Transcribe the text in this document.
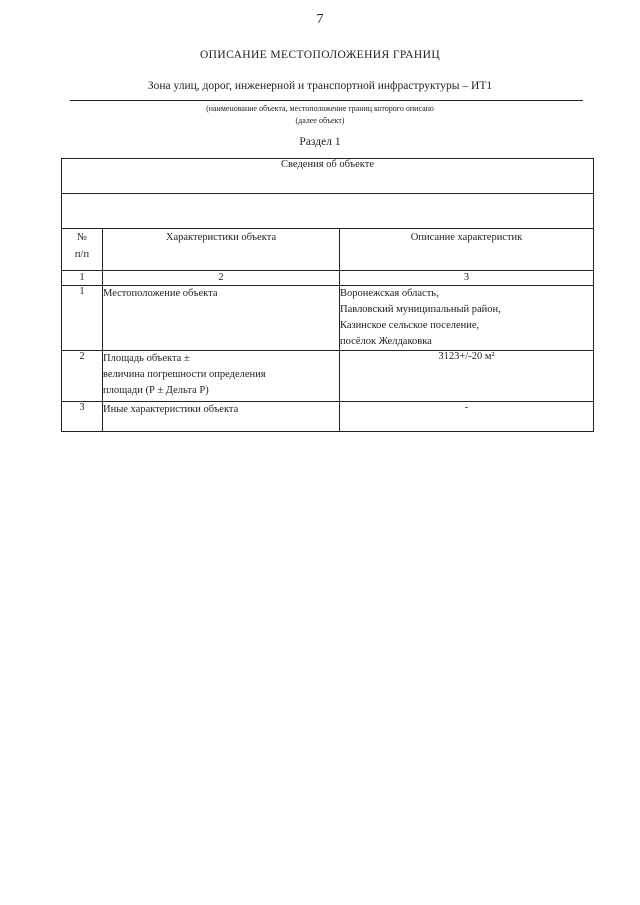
7
ОПИСАНИЕ МЕСТОПОЛОЖЕНИЯ ГРАНИЦ
Зона улиц, дорог, инженерной и транспортной инфраструктуры – ИТ1
(наименование объекта, местоположение границ которого описано
(далее объект)
Раздел 1
Сведения об объекте		

№
п/п	Характеристики объекта	Описание характеристик
1	2	3
1	Местоположение объекта	Воронежская область,
Павловский муниципальный район,
Казинское сельское поселение,
посёлок Желдаковка

2	Площадь объекта ±
величина погрешности определения
площади (Р ± Дельта Р)	3123+/-20 м²

3	Иные характеристики объекта	-
